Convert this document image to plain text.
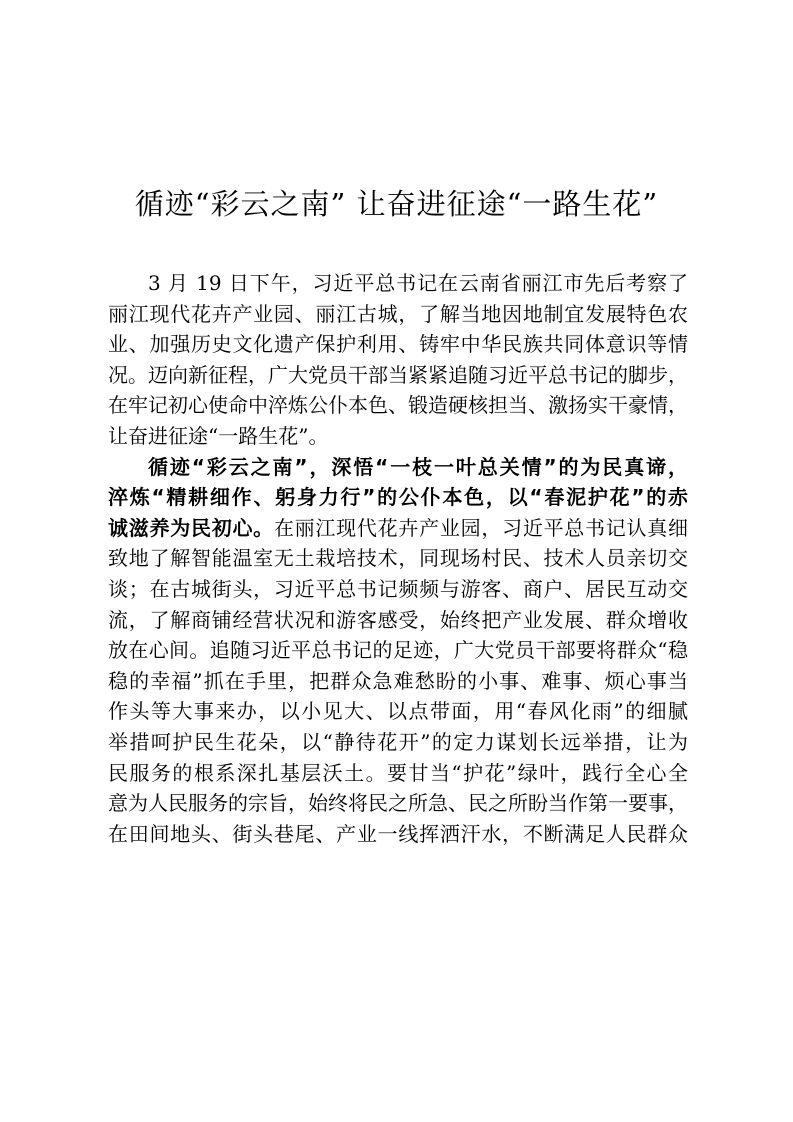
循迹“彩云之南” 让奋进征途“一路生花”
3 月 19 日下午，习近平总书记在云南省丽江市先后考察了
丽江现代花卉产业园、丽江古城，了解当地因地制宜发展特色农
业、加强历史文化遗产保护利用、铸牢中华民族共同体意识等情
况。迈向新征程，广大党员干部当紧紧追随习近平总书记的脚步，
在牢记初心使命中淬炼公仆本色、锻造硬核担当、激扬实干豪情，
让奋进征途“一路生花”。
循迹“彩云之南”，深悟“一枝一叶总关情”的为民真谛，
淬炼“精耕细作、躬身力行”的公仆本色，以“春泥护花”的赤
诚滋养为民初心。在丽江现代花卉产业园，习近平总书记认真细
致地了解智能温室无土栽培技术，同现场村民、技术人员亲切交
谈；在古城街头，习近平总书记频频与游客、商户、居民互动交
流，了解商铺经营状况和游客感受，始终把产业发展、群众增收
放在心间。追随习近平总书记的足迹，广大党员干部要将群众“稳
稳的幸福”抓在手里，把群众急难愁盼的小事、难事、烦心事当
作头等大事来办，以小见大、以点带面，用“春风化雨”的细腻
举措呵护民生花朵，以“静待花开”的定力谋划长远举措，让为
民服务的根系深扎基层沃土。要甘当“护花”绿叶，践行全心全
意为人民服务的宗旨，始终将民之所急、民之所盼当作第一要事，
在田间地头、街头巷尾、产业一线挥洒汗水，不断满足人民群众
